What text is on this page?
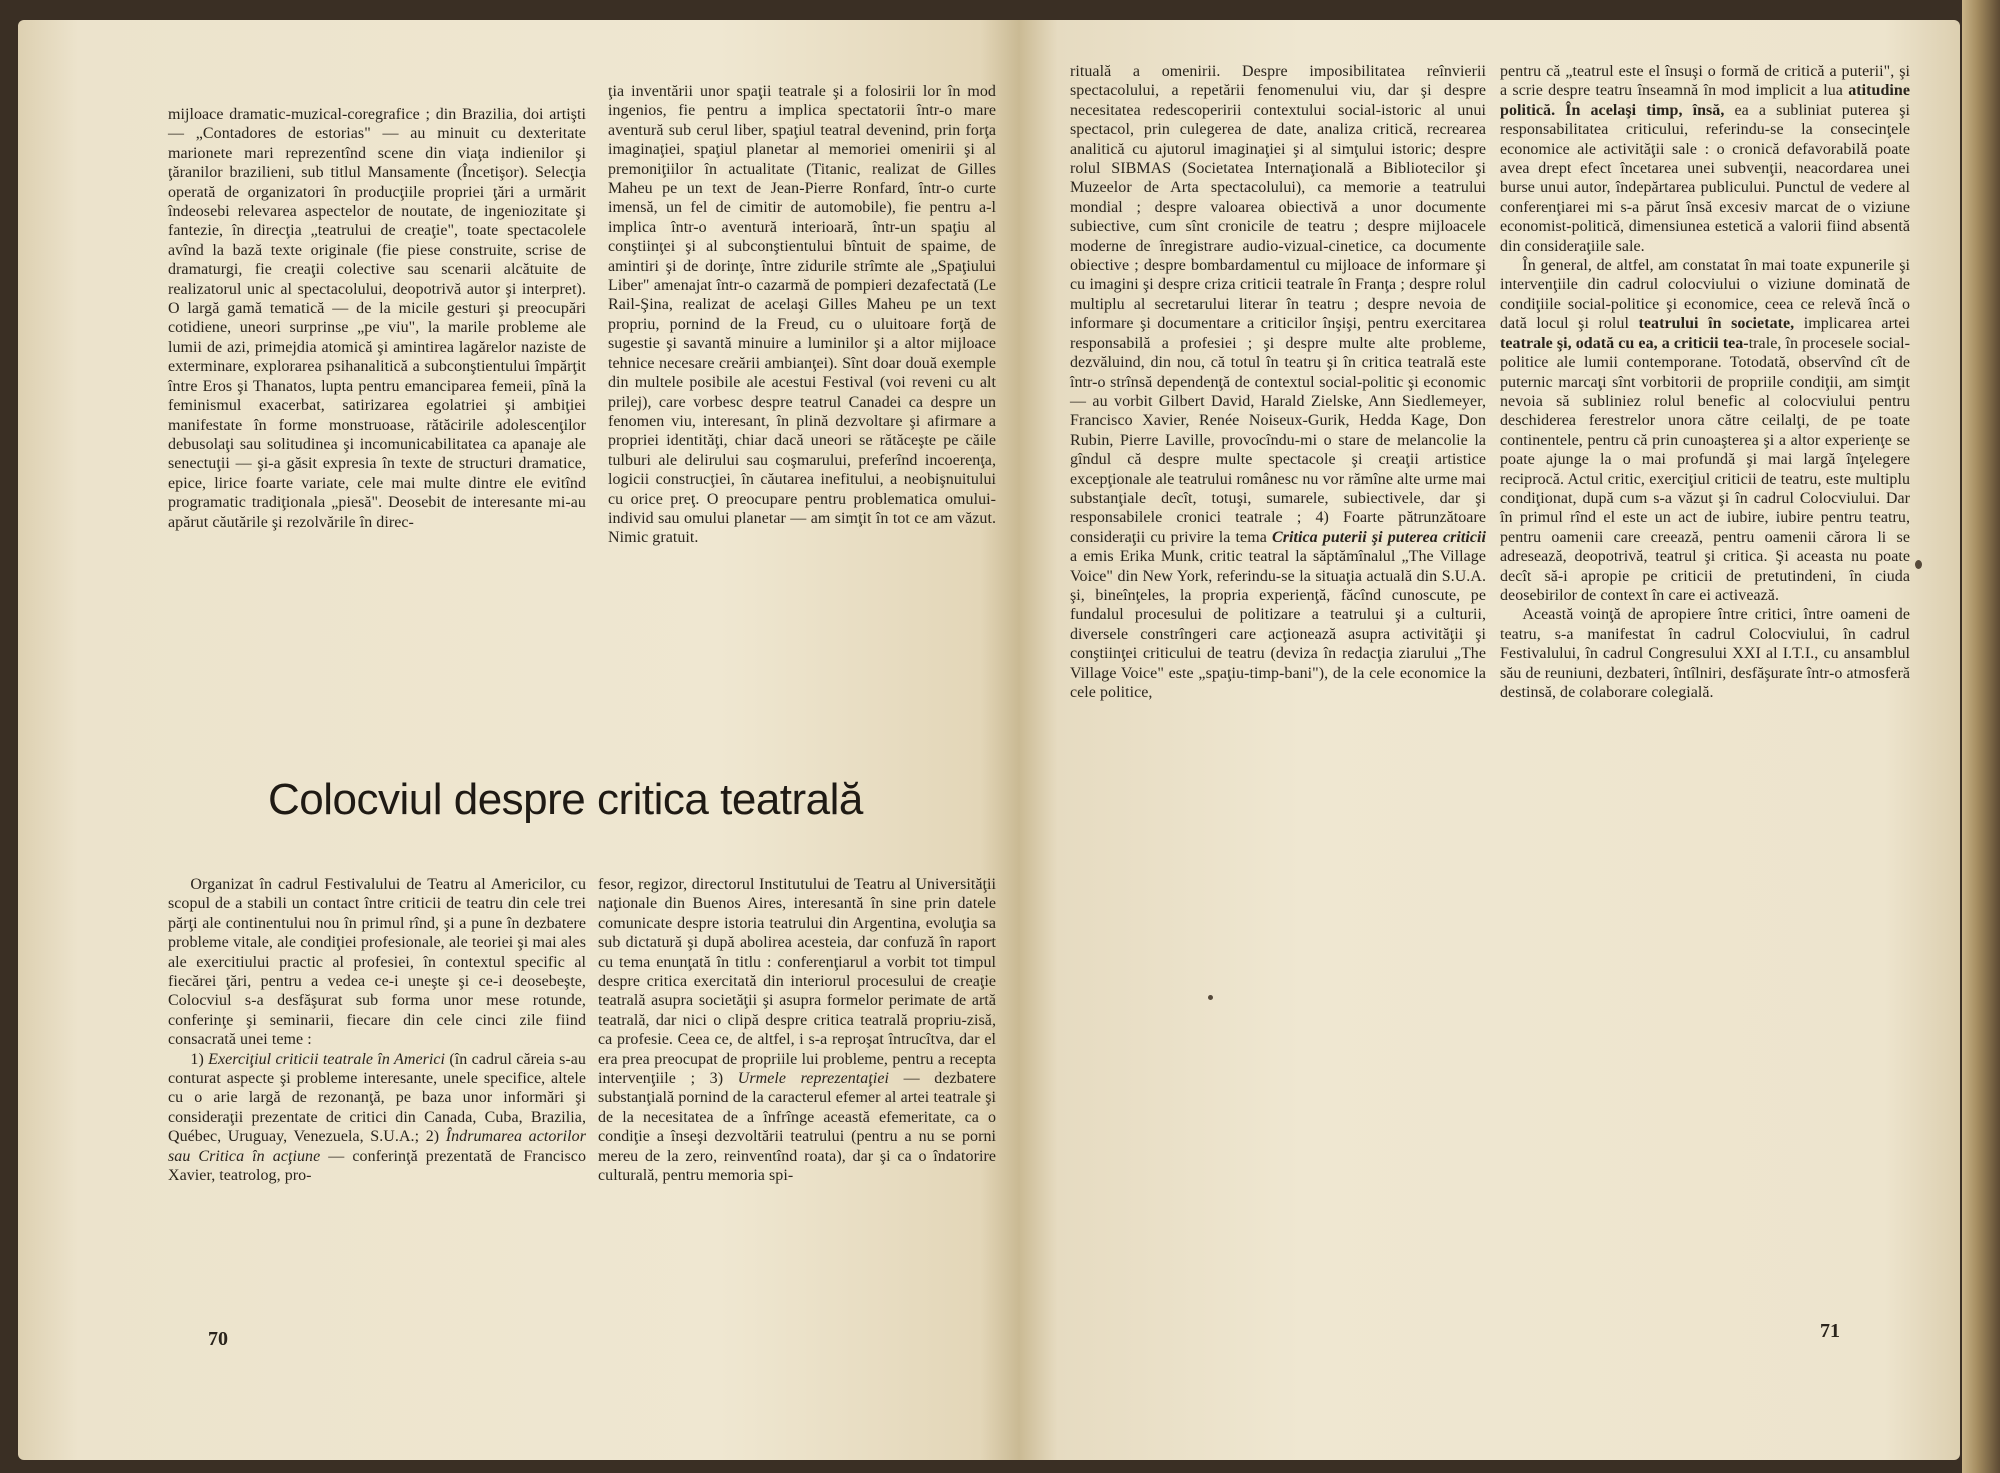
mijloace dramatic-muzical-coregrafice ; din Brazilia, doi artişti — „Contadores de estorias" — au minuit cu dexteritate marionete mari reprezentînd scene din viaţa indienilor şi ţăranilor brazilieni, sub titlul Mansamente (Încetişor). Selecţia operată de organizatori în producţiile propriei ţări a urmărit îndeosebi relevarea aspectelor de noutate, de ingeniozitate şi fantezie, în direcţia „teatrului de creaţie", toate spectacolele avînd la bază texte originale (fie piese construite, scrise de dramaturgi, fie creaţii colective sau scenarii alcătuite de realizatorul unic al spectacolului, deopotrivă autor şi interpret). O largă gamă tematică — de la micile gesturi şi preocupări cotidiene, uneori surprinse „pe viu", la marile probleme ale lumii de azi, primejdia atomică şi amintirea lagărelor naziste de exterminare, explorarea psihanalitică a subconştientului împărţit între Eros şi Thanatos, lupta pentru emanciparea femeii, pînă la feminismul exacerbat, satirizarea egolatriei şi ambiţiei manifestate în forme monstruoase, rătăcirile adolescenţilor debusolaţi sau solitudinea şi incomunicabilitatea ca apanaje ale senectuţii — şi-a găsit expresia în texte de structuri dramatice, epice, lirice foarte variate, cele mai multe dintre ele evitînd programatic tradiţionala „piesă". Deosebit de interesante mi-au apărut căutările şi rezolvările în direc-

ţia inventării unor spaţii teatrale şi a folosirii lor în mod ingenios, fie pentru a implica spectatorii într-o mare aventură sub cerul liber, spaţiul teatral devenind, prin forţa imaginaţiei, spaţiul planetar al memoriei omenirii şi al premoniţiilor în actualitate (Titanic, realizat de Gilles Maheu pe un text de Jean-Pierre Ronfard, într-o curte imensă, un fel de cimitir de automobile), fie pentru a-l implica într-o aventură interioară, într-un spaţiu al conştiinţei şi al subconştientului bîntuit de spaime, de amintiri şi de dorinţe, între zidurile strîmte ale „Spaţiului Liber" amenajat într-o cazarmă de pompieri dezafectată (Le Rail-Şina, realizat de acelaşi Gilles Maheu pe un text propriu, pornind de la Freud, cu o uluitoare forţă de sugestie şi savantă minuire a luminilor şi a altor mijloace tehnice necesare creării ambianţei). Sînt doar două exemple din multele posibile ale acestui Festival (voi reveni cu alt prilej), care vorbesc despre teatrul Canadei ca despre un fenomen viu, interesant, în plină dezvoltare şi afirmare a propriei identităţi, chiar dacă uneori se rătăceşte pe căile tulburi ale delirului sau coşmarului, preferînd incoerenţa, logicii construcţiei, în căutarea inefitului, a neobişnuitului cu orice preţ. O preocupare pentru problematica omului-individ sau omului planetar — am simţit în tot ce am văzut. Nimic gratuit.

Colocviul despre critica teatrală

Organizat în cadrul Festivalului de Teatru al Americilor, cu scopul de a stabili un contact între criticii de teatru din cele trei părţi ale continentului nou în primul rînd, şi a pune în dezbatere probleme vitale, ale condiţiei profesionale, ale teoriei şi mai ales ale exercitiului practic al profesiei, în contextul specific al fiecărei ţări, pentru a vedea ce-i uneşte şi ce-i deosebeşte, Colocviul s-a desfăşurat sub forma unor mese rotunde, conferinţe şi seminarii, fiecare din cele cinci zile fiind consacrată unei teme :

1) Exerciţiul criticii teatrale în Americi (în cadrul căreia s-au conturat aspecte şi probleme interesante, unele specifice, altele cu o arie largă de rezonanţă, pe baza unor informări şi consideraţii prezentate de critici din Canada, Cuba, Brazilia, Québec, Uruguay, Venezuela, S.U.A.; 2) Îndrumarea actorilor sau Critica în acţiune — conferinţă prezentată de Francisco Xavier, teatrolog, pro-

fesor, regizor, directorul Institutului de Teatru al Universităţii naţionale din Buenos Aires, interesantă în sine prin datele comunicate despre istoria teatrului din Argentina, evoluţia sa sub dictatură şi după abolirea acesteia, dar confuză în raport cu tema enunţată în titlu : conferenţiarul a vorbit tot timpul despre critica exercitată din interiorul procesului de creaţie teatrală asupra societăţii şi asupra formelor perimate de artă teatrală, dar nici o clipă despre critica teatrală propriu-zisă, ca profesie. Ceea ce, de altfel, i s-a reproşat întrucîtva, dar el era prea preocupat de propriile lui probleme, pentru a recepta intervenţiile ; 3) Urmele reprezentaţiei — dezbatere substanţială pornind de la caracterul efemer al artei teatrale şi de la necesitatea de a înfrînge această efemeritate, ca o condiţie a înseşi dezvoltării teatrului (pentru a nu se porni mereu de la zero, reinventînd roata), dar şi ca o îndatorire culturală, pentru memoria spi-

70

rituală a omenirii. Despre imposibilitatea reînvierii spectacolului, a repetării fenomenului viu, dar şi despre necesitatea redescoperirii contextului social-istoric al unui spectacol, prin culegerea de date, analiza critică, recrearea analitică cu ajutorul imaginaţiei şi al simţului istoric; despre rolul SIBMAS (Societatea Internaţională a Bibliotecilor şi Muzeelor de Arta spectacolului), ca memorie a teatrului mondial ; despre valoarea obiectivă a unor documente subiective, cum sînt cronicile de teatru ; despre mijloacele moderne de înregistrare audio-vizual-cinetice, ca documente obiective ; despre bombardamentul cu mijloace de informare şi cu imagini şi despre criza criticii teatrale în Franţa ; despre rolul multiplu al secretarului literar în teatru ; despre nevoia de informare şi documentare a criticilor înşişi, pentru exercitarea responsabilă a profesiei ; şi despre multe alte probleme, dezvăluind, din nou, că totul în teatru şi în critica teatrală este într-o strînsă dependenţă de contextul social-politic şi economic — au vorbit Gilbert David, Harald Zielske, Ann Siedlemeyer, Francisco Xavier, Renée Noiseux-Gurik, Hedda Kage, Don Rubin, Pierre Laville, provocîndu-mi o stare de melancolie la gîndul că despre multe spectacole şi creaţii artistice excepţionale ale teatrului românesc nu vor rămîne alte urme mai substanţiale decît, totuşi, sumarele, subiectivele, dar şi responsabilele cronici teatrale ; 4) Foarte pătrunzătoare consideraţii cu privire la tema Critica puterii şi puterea criticii a emis Erika Munk, critic teatral la săptămînalul „The Village Voice" din New York, referindu-se la situaţia actuală din S.U.A. şi, bineînţeles, la propria experienţă, făcînd cunoscute, pe fundalul procesului de politizare a teatrului şi a culturii, diversele constrîngeri care acţionează asupra activităţii şi conştiinţei criticului de teatru (deviza în redacţia ziarului „The Village Voice" este „spaţiu-timp-bani"), de la cele economice la cele politice,

pentru că „teatrul este el însuşi o formă de critică a puterii", şi a scrie despre teatru înseamnă în mod implicit a lua atitudine politică. În acelaşi timp, însă, ea a subliniat puterea şi responsabilitatea criticului, referindu-se la consecinţele economice ale activităţii sale : o cronică defavorabilă poate avea drept efect încetarea unei subvenţii, neacordarea unei burse unui autor, îndepărtarea publicului. Punctul de vedere al conferenţiarei mi s-a părut însă excesiv marcat de o viziune economist-politică, dimensiunea estetică a valorii fiind absentă din consideraţiile sale.

În general, de altfel, am constatat în mai toate expunerile şi intervenţiile din cadrul colocviului o viziune dominată de condiţiile social-politice şi economice, ceea ce relevă încă o dată locul şi rolul teatrului în societate, implicarea artei teatrale şi, odată cu ea, a criticii tea-trale, în procesele social-politice ale lumii contemporane. Totodată, observînd cît de puternic marcaţi sînt vorbitorii de propriile condiţii, am simţit nevoia să subliniez rolul benefic al colocviului pentru deschiderea ferestrelor unora către ceilalţi, de pe toate continentele, pentru că prin cunoaşterea şi a altor experienţe se poate ajunge la o mai profundă şi mai largă înţelegere reciprocă. Actul critic, exerciţiul criticii de teatru, este multiplu condiţionat, după cum s-a văzut şi în cadrul Colocviului. Dar în primul rînd el este un act de iubire, iubire pentru teatru, pentru oamenii care creează, pentru oamenii cărora li se adresează, deopotrivă, teatrul şi critica. Şi aceasta nu poate decît să-i apropie pe criticii de pretutindeni, în ciuda deosebirilor de context în care ei activează.

Această voinţă de apropiere între critici, între oameni de teatru, s-a manifestat în cadrul Colocviului, în cadrul Festivalului, în cadrul Congresului XXI al I.T.I., cu ansamblul său de reuniuni, dezbateri, întîlniri, desfăşurate într-o atmosferă destinsă, de colaborare colegială.

71
